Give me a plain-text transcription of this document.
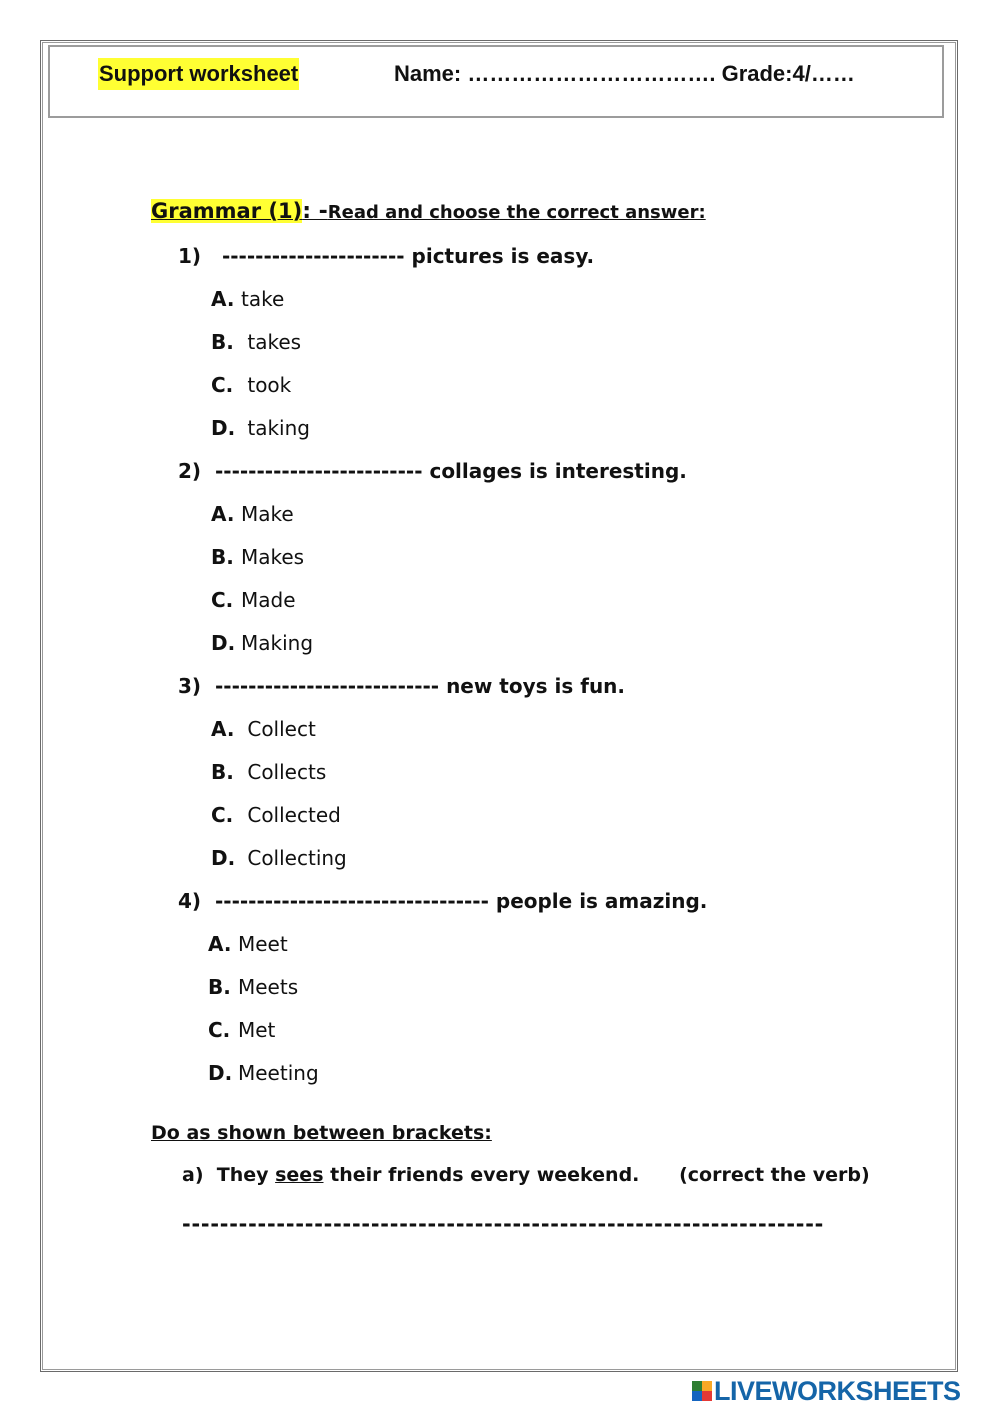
Support worksheet	Name: ……………………………. Grade:4/……
Grammar (1): -Read and choose the correct answer:
1)   ---------------------- pictures is easy.
A. take
B. takes
C. took
D. taking
2)  ------------------------- collages is interesting.
A. Make
B. Makes
C. Made
D. Making
3)  --------------------------- new toys is fun.
A. Collect
B. Collects
C. Collected
D. Collecting
4)  --------------------------------- people is amazing.
A. Meet
B. Meets
C. Met
D. Meeting
Do as shown between brackets:
a)  They sees their friends every weekend.      (correct the verb)
--------------------------------------------------------------------
LIVEWORKSHEETS
